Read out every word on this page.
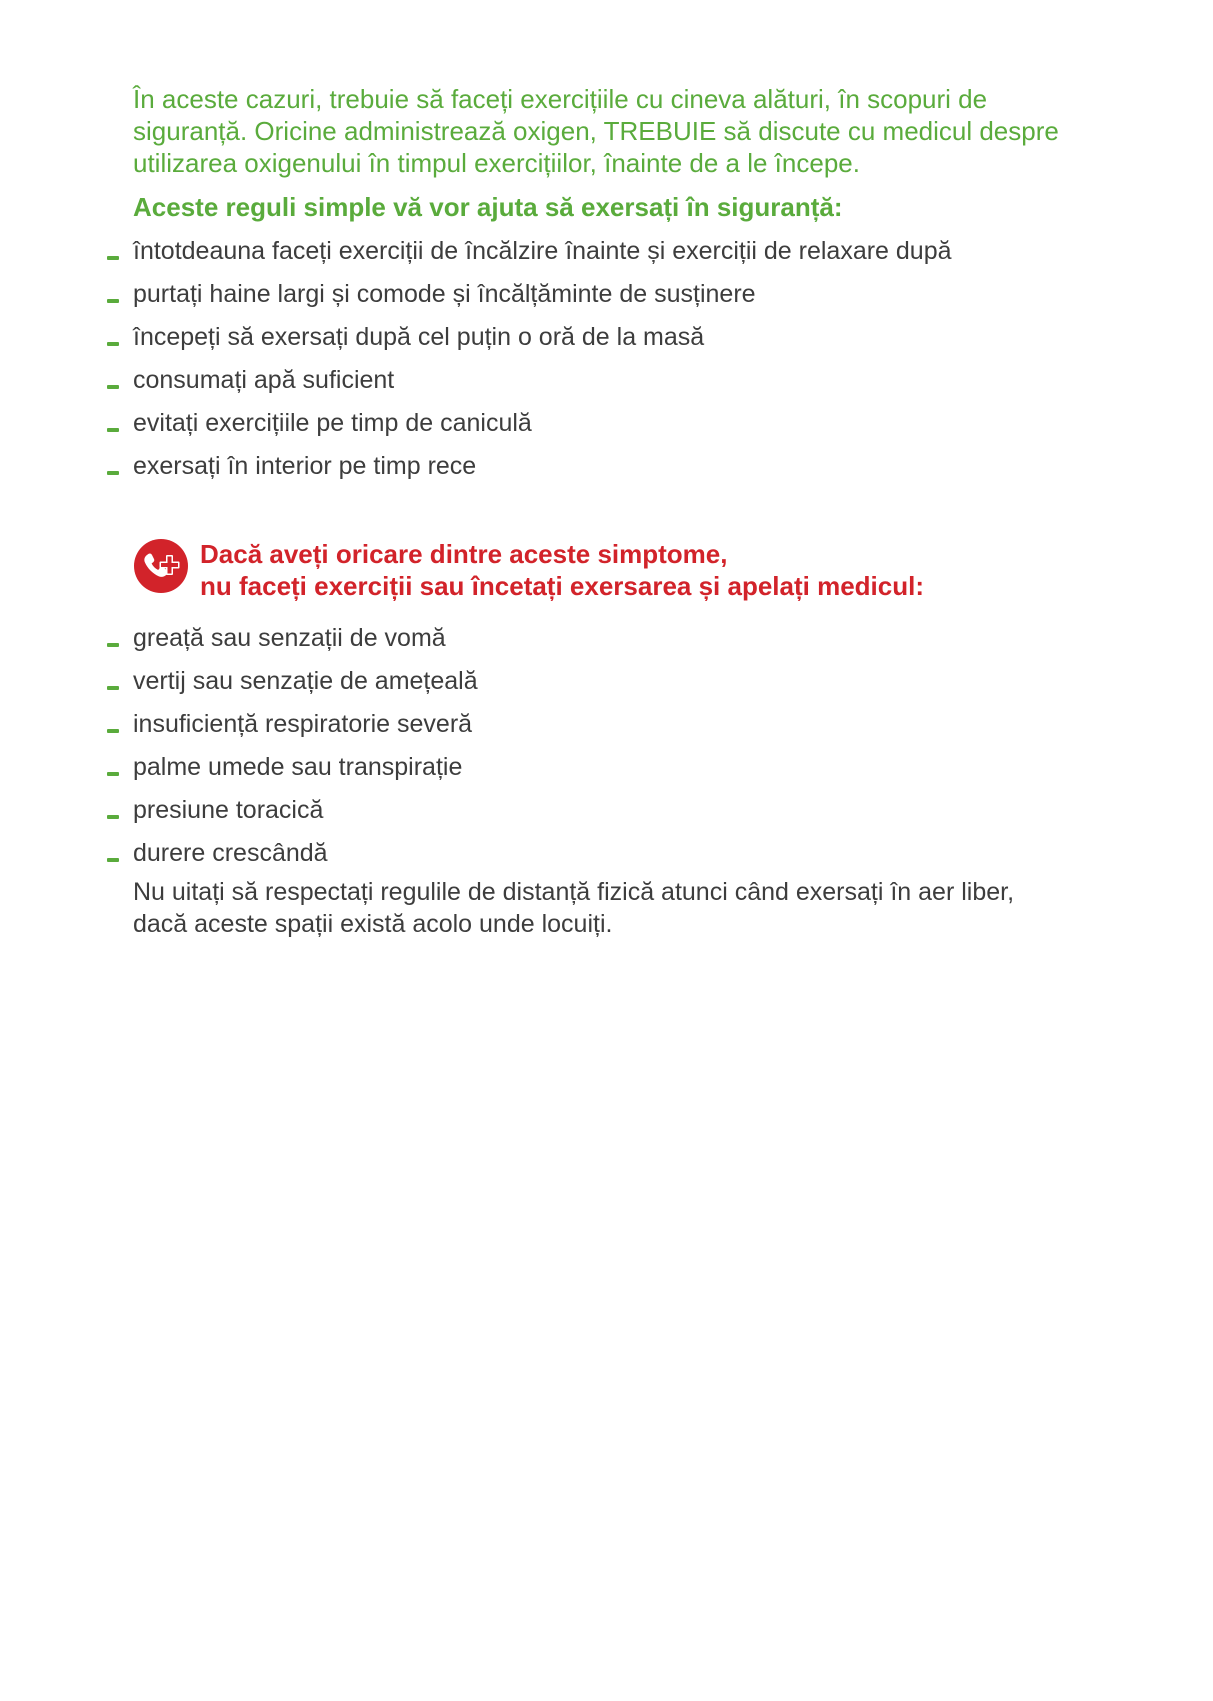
În aceste cazuri, trebuie să faceți exercițiile cu cineva alături, în scopuri de
siguranță. Oricine administrează oxigen, TREBUIE să discute cu medicul despre
utilizarea oxigenului în timpul exercițiilor, înainte de a le începe.

Aceste reguli simple vă vor ajuta să exersați în siguranță:

întotdeauna faceți exerciții de încălzire înainte și exerciții de relaxare după
purtați haine largi și comode și încălțăminte de susținere
începeți să exersați după cel puțin o oră de la masă
consumați apă suficient
evitați exercițiile pe timp de caniculă
exersați în interior pe timp rece
Dacă aveți oricare dintre aceste simptome,
nu faceți exerciții sau încetați exersarea și apelați medicul:
greață sau senzații de vomă
vertij sau senzație de amețeală
insuficiență respiratorie severă
palme umede sau transpirație
presiune toracică
durere crescândă

Nu uitați să respectați regulile de distanță fizică atunci când exersați în aer liber,
dacă aceste spații există acolo unde locuiți.
